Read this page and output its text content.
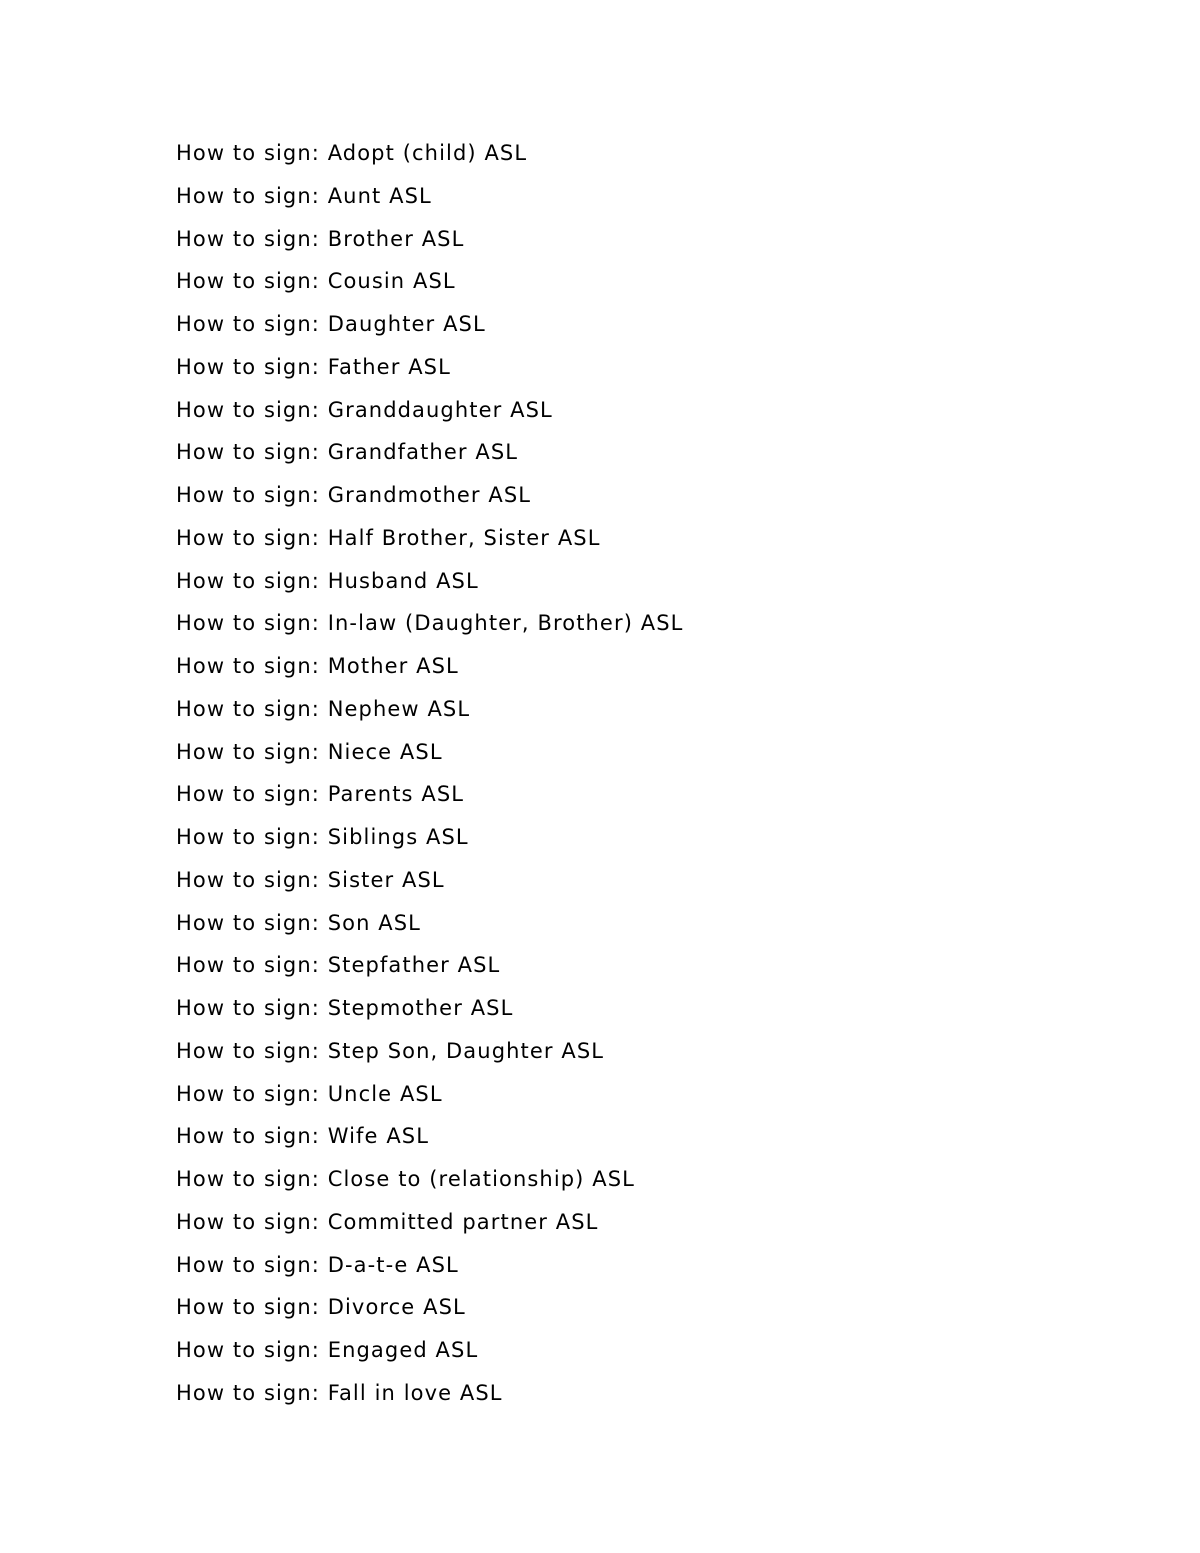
How to sign: Adopt (child) ASL
How to sign: Aunt ASL
How to sign: Brother ASL
How to sign: Cousin ASL
How to sign: Daughter ASL
How to sign: Father ASL
How to sign: Granddaughter ASL
How to sign: Grandfather ASL
How to sign: Grandmother ASL
How to sign: Half Brother, Sister ASL
How to sign: Husband ASL
How to sign: In-law (Daughter, Brother) ASL
How to sign: Mother ASL
How to sign: Nephew ASL
How to sign: Niece ASL
How to sign: Parents ASL
How to sign: Siblings ASL
How to sign: Sister ASL
How to sign: Son ASL
How to sign: Stepfather ASL
How to sign: Stepmother ASL
How to sign: Step Son, Daughter ASL
How to sign: Uncle ASL
How to sign: Wife ASL
How to sign: Close to (relationship) ASL
How to sign: Committed partner ASL
How to sign: D-a-t-e ASL
How to sign: Divorce ASL
How to sign: Engaged ASL
How to sign: Fall in love ASL
